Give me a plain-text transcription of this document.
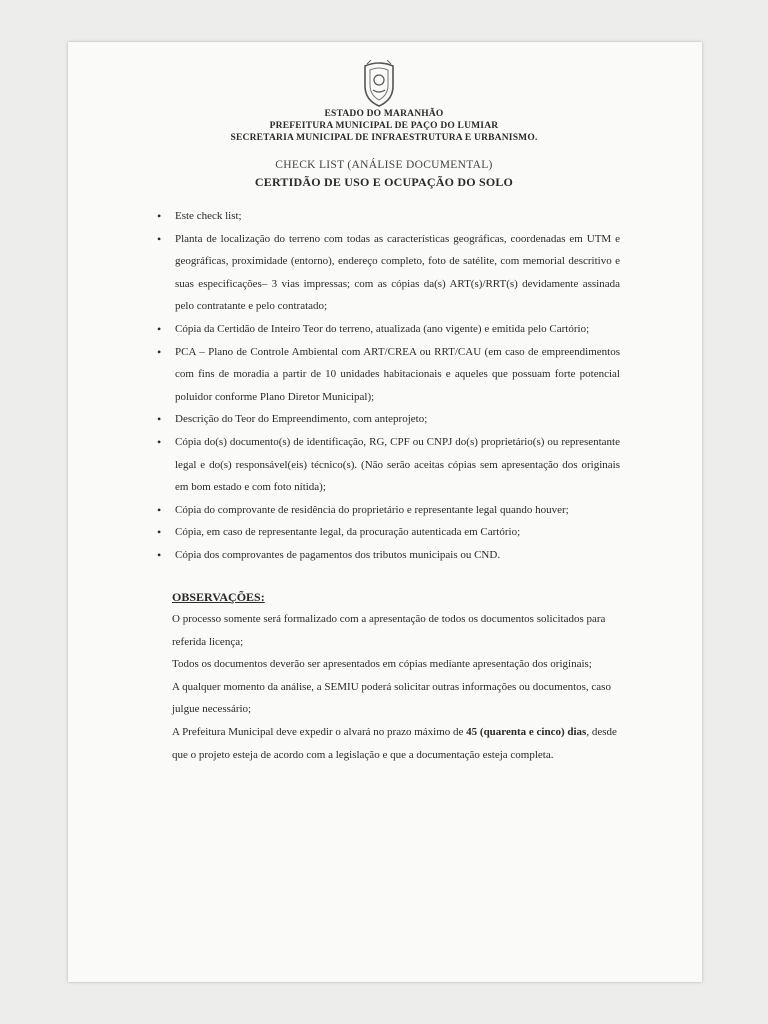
ESTADO DO MARANHÃO
PREFEITURA MUNICIPAL DE PAÇO DO LUMIAR
SECRETARIA MUNICIPAL DE INFRAESTRUTURA E URBANISMO.
CHECK LIST (ANÁLISE DOCUMENTAL)
CERTIDÃO DE USO E OCUPAÇÃO DO SOLO
• Este check list;
• Planta de localização do terreno com todas as características geográficas, coordenadas em UTM e geográficas, proximidade (entorno), endereço completo, foto de satélite, com memorial descritivo e suas especificações– 3 vias impressas; com as cópias da(s) ART(s)/RRT(s) devidamente assinada pelo contratante e pelo contratado;
• Cópia da Certidão de Inteiro Teor do terreno, atualizada (ano vigente) e emitida pelo Cartório;
• PCA – Plano de Controle Ambiental com ART/CREA ou RRT/CAU (em caso de empreendimentos com fins de moradia a partir de 10 unidades habitacionais e aqueles que possuam forte potencial poluidor conforme Plano Diretor Municipal);
• Descrição do Teor do Empreendimento, com anteprojeto;
• Cópia do(s) documento(s) de identificação, RG, CPF ou CNPJ do(s) proprietário(s) ou representante legal e do(s) responsável(eis) técnico(s). (Não serão aceitas cópias sem apresentação dos originais em bom estado e com foto nítida);
• Cópia do comprovante de residência do proprietário e representante legal quando houver;
• Cópia, em caso de representante legal, da procuração autenticada em Cartório;
• Cópia dos comprovantes de pagamentos dos tributos municipais ou CND.
OBSERVAÇÕES:

O processo somente será formalizado com a apresentação de todos os documentos solicitados para referida licença;

Todos os documentos deverão ser apresentados em cópias mediante apresentação dos originais;

A qualquer momento da análise, a SEMIU poderá solicitar outras informações ou documentos, caso julgue necessário;

A Prefeitura Municipal deve expedir o alvará no prazo máximo de 45 (quarenta e cinco) dias, desde que o projeto esteja de acordo com a legislação e que a documentação esteja completa.
